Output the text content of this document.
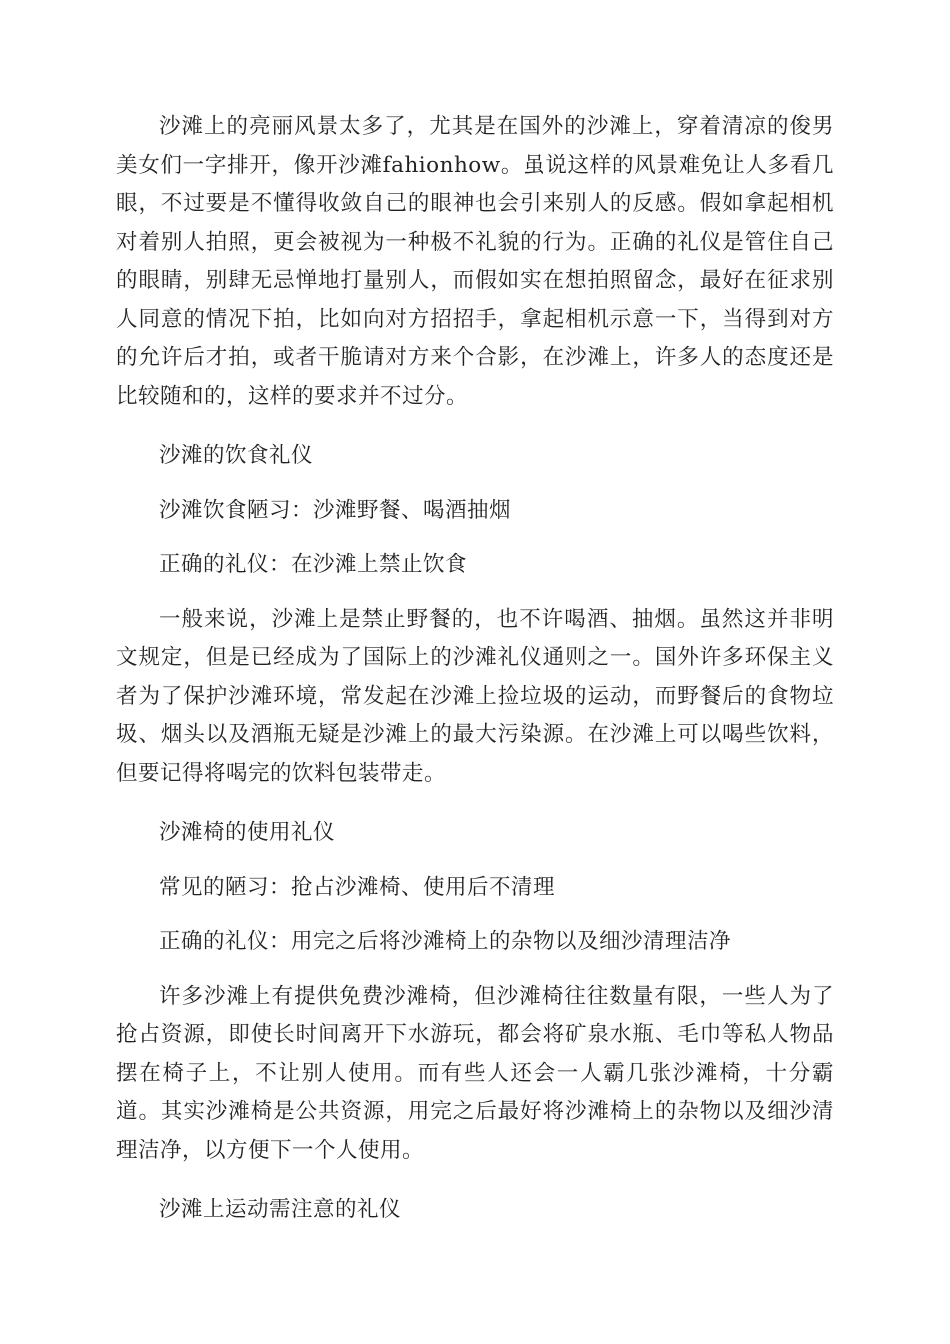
沙滩上的亮丽风景太多了，尤其是在国外的沙滩上，穿着清凉的俊男美女们一字排开，像开沙滩fahionhow。虽说这样的风景难免让人多看几眼，不过要是不懂得收敛自己的眼神也会引来别人的反感。假如拿起相机对着别人拍照，更会被视为一种极不礼貌的行为。正确的礼仪是管住自己的眼睛，别肆无忌惮地打量别人，而假如实在想拍照留念，最好在征求别人同意的情况下拍，比如向对方招招手，拿起相机示意一下，当得到对方的允许后才拍，或者干脆请对方来个合影，在沙滩上，许多人的态度还是比较随和的，这样的要求并不过分。

沙滩的饮食礼仪

沙滩饮食陋习：沙滩野餐、喝酒抽烟

正确的礼仪：在沙滩上禁止饮食

一般来说，沙滩上是禁止野餐的，也不许喝酒、抽烟。虽然这并非明文规定，但是已经成为了国际上的沙滩礼仪通则之一。国外许多环保主义者为了保护沙滩环境，常发起在沙滩上捡垃圾的运动，而野餐后的食物垃圾、烟头以及酒瓶无疑是沙滩上的最大污染源。在沙滩上可以喝些饮料，但要记得将喝完的饮料包装带走。

沙滩椅的使用礼仪

常见的陋习：抢占沙滩椅、使用后不清理

正确的礼仪：用完之后将沙滩椅上的杂物以及细沙清理洁净

许多沙滩上有提供免费沙滩椅，但沙滩椅往往数量有限，一些人为了抢占资源，即使长时间离开下水游玩，都会将矿泉水瓶、毛巾等私人物品摆在椅子上，不让别人使用。而有些人还会一人霸几张沙滩椅，十分霸道。其实沙滩椅是公共资源，用完之后最好将沙滩椅上的杂物以及细沙清理洁净，以方便下一个人使用。

沙滩上运动需注意的礼仪
